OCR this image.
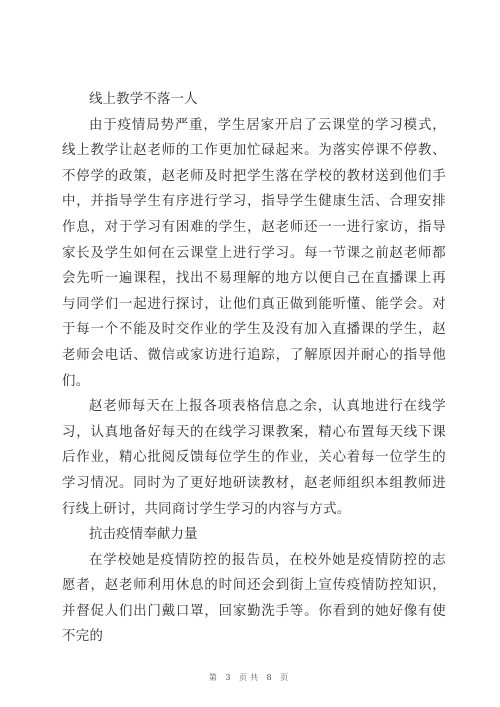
线上教学不落一人

由于疫情局势严重，学生居家开启了云课堂的学习模式，线上教学让赵老师的工作更加忙碌起来。为落实停课不停教、不停学的政策，赵老师及时把学生落在学校的教材送到他们手中，并指导学生有序进行学习，指导学生健康生活、合理安排作息，对于学习有困难的学生，赵老师还一一进行家访，指导家长及学生如何在云课堂上进行学习。每一节课之前赵老师都会先听一遍课程，找出不易理解的地方以便自己在直播课上再与同学们一起进行探讨，让他们真正做到能听懂、能学会。对于每一个不能及时交作业的学生及没有加入直播课的学生，赵老师会电话、微信或家访进行追踪，了解原因并耐心的指导他们。

赵老师每天在上报各项表格信息之余，认真地进行在线学习，认真地备好每天的在线学习课教案，精心布置每天线下课后作业，精心批阅反馈每位学生的作业，关心着每一位学生的学习情况。同时为了更好地研读教材，赵老师组织本组教师进行线上研讨，共同商讨学生学习的内容与方式。

抗击疫情奉献力量

在学校她是疫情防控的报告员，在校外她是疫情防控的志愿者，赵老师利用休息的时间还会到街上宣传疫情防控知识，并督促人们出门戴口罩，回家勤洗手等。你看到的她好像有使不完的

第 3 页共 8 页
